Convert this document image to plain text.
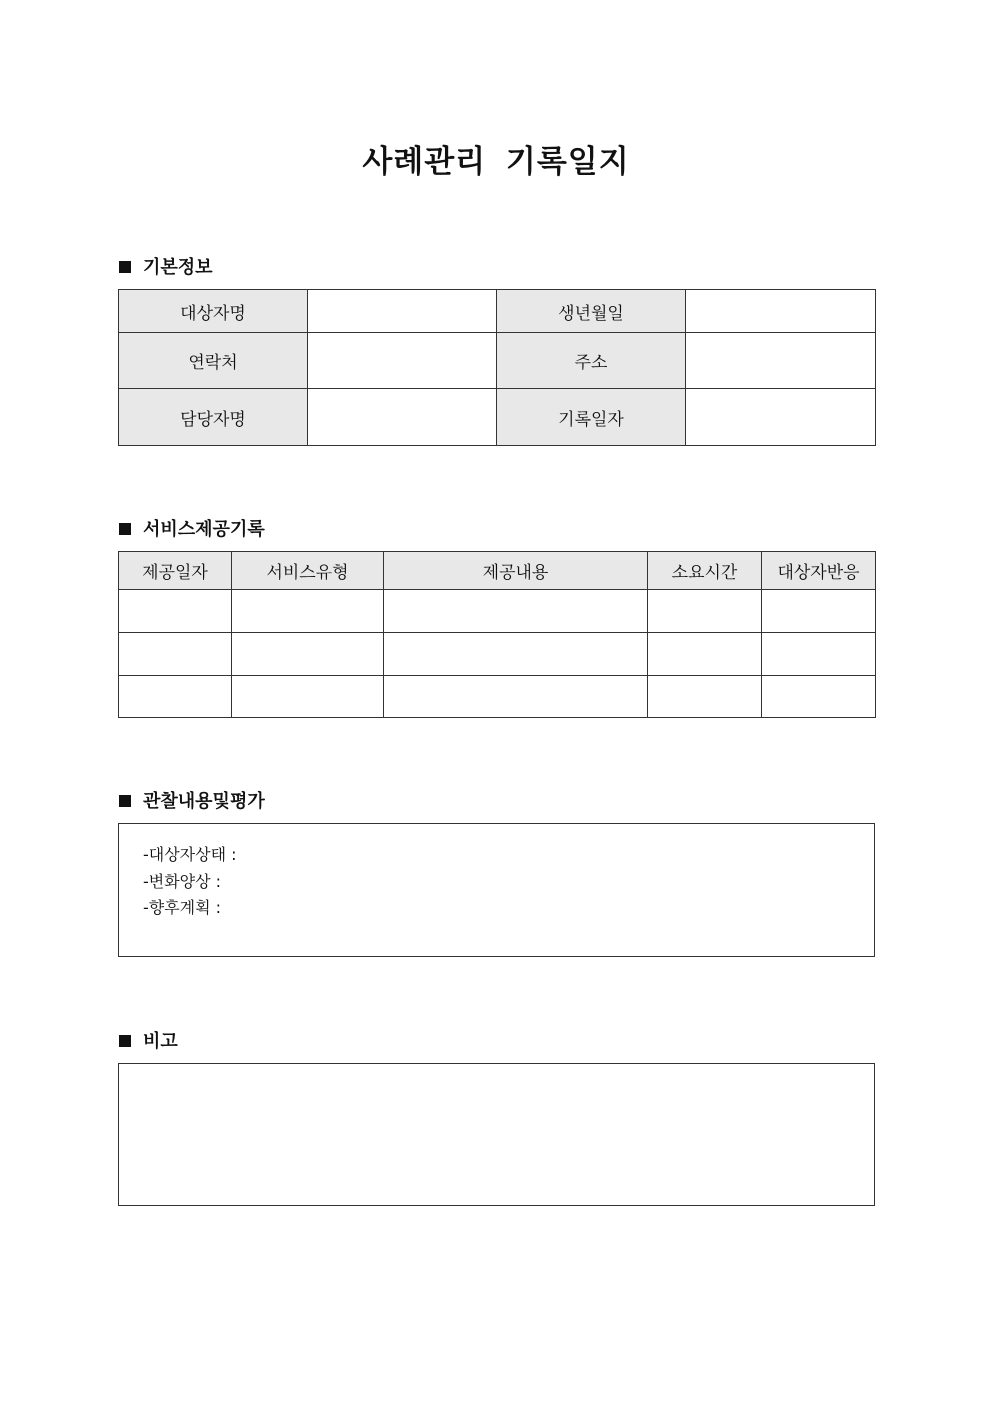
사례관리 기록일지
기본정보
대상자명		생년월일	
연락처		주소	
담당자명		기록일자	
서비스제공기록
제공일자	서비스유형	제공내용	소요시간	대상자반응

관찰내용및평가
-대상자상태 :
-변화양상 :
-향후계획 :
비고
